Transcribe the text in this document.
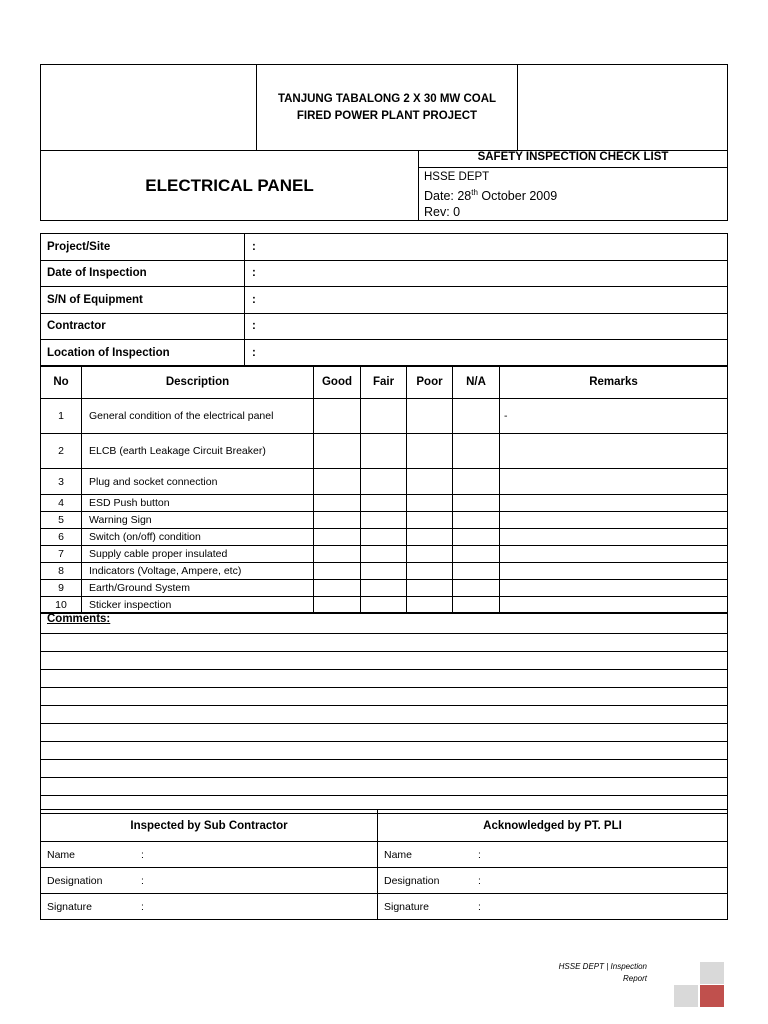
TANJUNG TABALONG 2 X 30 MW COAL
FIRED POWER PLANT PROJECT

ELECTRICAL PANEL

SAFETY INSPECTION CHECK LIST
HSSE DEPT
Date: 28th October 2009
Rev: 0
Project/Site	:
Date of Inspection	:
S/N of Equipment	:
Contractor	:
Location of Inspection	:
No	Description	Good	Fair	Poor	N/A	Remarks
1	General condition of the electrical panel					-
2	ELCB (earth Leakage Circuit Breaker)					
3	Plug and socket connection					
4	ESD Push button					
5	Warning Sign					
6	Switch (on/off) condition					
7	Supply cable proper insulated					
8	Indicators (Voltage, Ampere, etc)					
9	Earth/Ground System					
10	Sticker inspection					
Comments:

Inspected by Sub Contractor	Acknowledged by PT. PLI
Name :	Name :
Designation :	Designation :
Signature :	Signature :
HSSE DEPT | Inspection
Report
